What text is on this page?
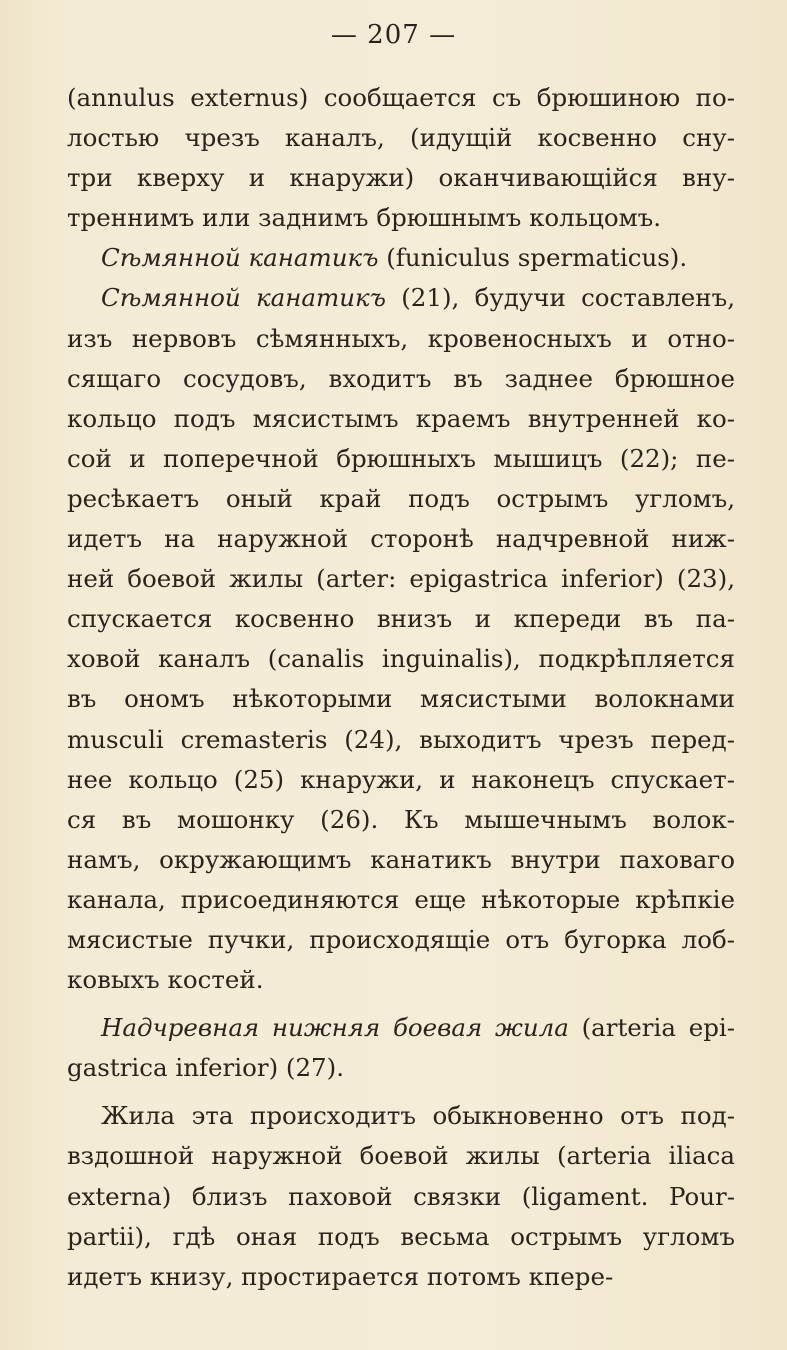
— 207 —
(annulus externus) сообщается съ брюшиною по-
лостью чрезъ каналъ, (идущій косвенно сну-
три кверху и кнаружи) оканчивающійся вну-
треннимъ или заднимъ брюшнымъ кольцомъ.
Сѣмянной канатикъ (funiculus spermaticus).
Сѣмянной канатикъ (21), будучи составленъ,
изъ нервовъ сѣмянныхъ, кровеносныхъ и отно-
сящаго сосудовъ, входитъ въ заднее брюшное
кольцо подъ мясистымъ краемъ внутренней ко-
сой и поперечной брюшныхъ мышицъ (22); пе-
ресѣкаетъ оный край подъ острымъ угломъ,
идетъ на наружной сторонѣ надчревной ниж-
ней боевой жилы (arter: epigastrica inferior) (23),
спускается косвенно внизъ и кпереди въ па-
ховой каналъ (canalis inguinalis), подкрѣпляется
въ ономъ нѣкоторыми мясистыми волокнами
musculi cremasteris (24), выходитъ чрезъ перед-
нее кольцо (25) кнаружи, и наконецъ спускает-
ся въ мошонку (26). Къ мышечнымъ волок-
намъ, окружающимъ канатикъ внутри паховаго
канала, присоединяются еще нѣкоторые крѣпкіе
мясистые пучки, происходящіе отъ бугорка лоб-
ковыхъ костей.
Надчревная нижняя боевая жила (arteria epi-
gastrica inferior) (27).
Жила эта происходитъ обыкновенно отъ под-
вздошной наружной боевой жилы (arteria iliaca
externa) близъ паховой связки (ligament. Pour-
partii), гдѣ оная подъ весьма острымъ угломъ
идетъ книзу, простирается потомъ кпере-
